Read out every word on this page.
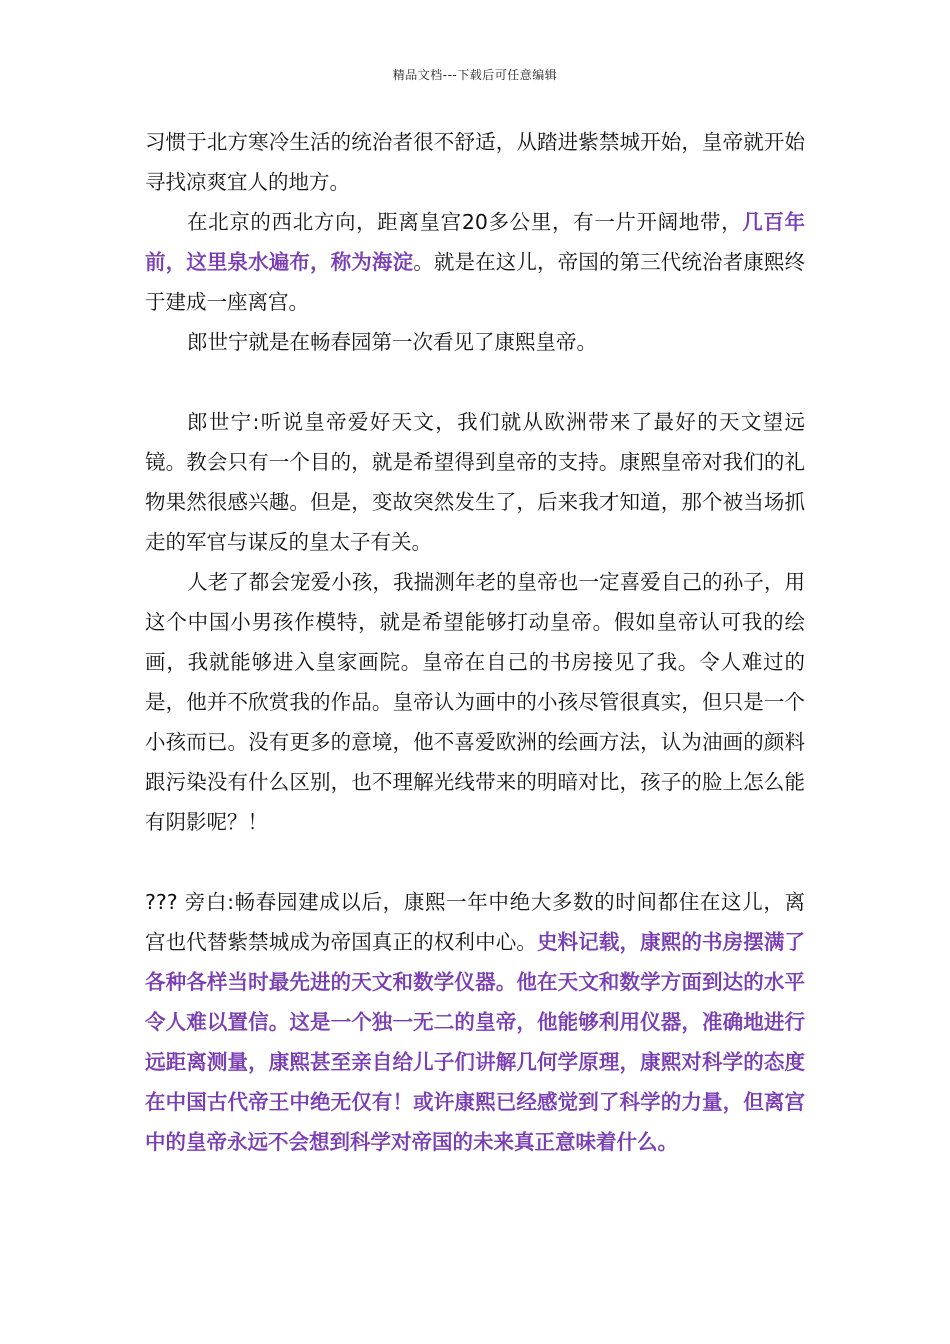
精品文档---下载后可任意编辑

习惯于北方寒冷生活的统治者很不舒适，从踏进紫禁城开始，皇帝就开始寻找凉爽宜人的地方。

在北京的西北方向，距离皇宫20多公里，有一片开阔地带，几百年前，这里泉水遍布，称为海淀。就是在这儿，帝国的第三代统治者康熙终于建成一座离宫。

郎世宁就是在畅春园第一次看见了康熙皇帝。

郎世宁:听说皇帝爱好天文，我们就从欧洲带来了最好的天文望远镜。教会只有一个目的，就是希望得到皇帝的支持。康熙皇帝对我们的礼物果然很感兴趣。但是，变故突然发生了，后来我才知道，那个被当场抓走的军官与谋反的皇太子有关。

人老了都会宠爱小孩，我揣测年老的皇帝也一定喜爱自己的孙子，用这个中国小男孩作模特，就是希望能够打动皇帝。假如皇帝认可我的绘画，我就能够进入皇家画院。皇帝在自己的书房接见了我。令人难过的是，他并不欣赏我的作品。皇帝认为画中的小孩尽管很真实，但只是一个小孩而已。没有更多的意境，他不喜爱欧洲的绘画方法，认为油画的颜料跟污染没有什么区别，也不理解光线带来的明暗对比，孩子的脸上怎么能有阴影呢？！

??? 旁白:畅春园建成以后，康熙一年中绝大多数的时间都住在这儿，离宫也代替紫禁城成为帝国真正的权利中心。史料记载，康熙的书房摆满了各种各样当时最先进的天文和数学仪器。他在天文和数学方面到达的水平令人难以置信。这是一个独一无二的皇帝，他能够利用仪器，准确地进行远距离测量，康熙甚至亲自给儿子们讲解几何学原理，康熙对科学的态度在中国古代帝王中绝无仅有！或许康熙已经感觉到了科学的力量，但离宫中的皇帝永远不会想到科学对帝国的未来真正意味着什么。
